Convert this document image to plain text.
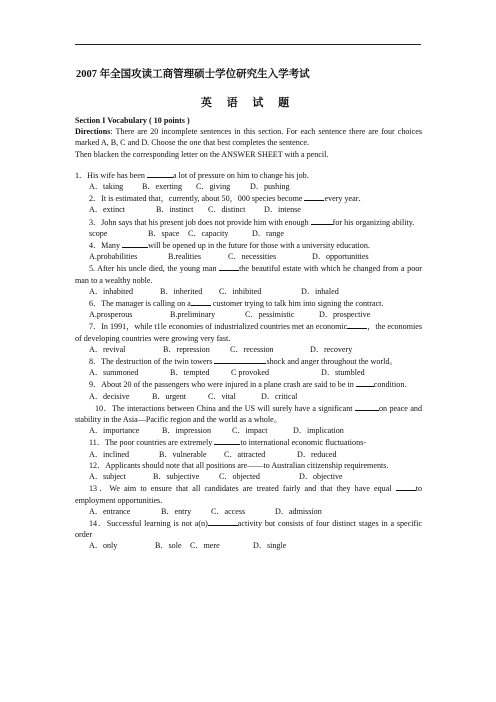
2007 年全国攻读工商管理硕士学位研究生入学考试
英 语 试 题

Section I Vocabulary ( 10 points )

Directions: There are 20 incomplete sentences in this section. For each sentence there are four choices marked A, B, C and D. Choose the one that best completes the sentence.

Then blacken the corresponding letter on the ANSWER SHEET with a pencil.

1．His wife has been	a lot of pressure on him to change his job．

A．taking	B．exerting	C．giving	D．pushing

2．It is estimated that，currently, about 50，000 species become every year．

A．extinct	B．instinct	C．distinct	D．intense

3．John says that his present job does not provide him with enough	for his organizing ability.

scope	B．space	C．capacity	D．range

4．Many	will be opened up in the future for those with a university education.

A.probabilities	B.realities	C．necessities	D．opportunities

5. After his uncle died, the young man the beautiful estate with which he changed from a poor man to a wealthy noble.

A．inhabited	B．inherited	C．inhibited	D．inhaled

6．The manager is calling on a customer trying to talk him into signing the contract.

A.prosperous	B.preliminary	C．pessimistic	D．prospective

7．In 1991，while t1le economies of industrialized countries met an economic ，the economies of developing countries were growing very fast.

A．revival	B．repression	C．recession	D．recovery

8．The destruction of the twin towers	shock and anger throughout the world。

A．summoned	B．tempted	C provoked	D．stumbled

9．About 20 of the passengers who were injured in a plane crash are said to be in condition.

A．decisive	B．urgent	C．vital	D．critical

10．The interactions between China and the US will surely have a significant	on peace and stability in the Asia—Pacific region and the world as a whole。

A．importance	B．impression	C．impact	D．implication

11．The poor countries are extremely	to international economic fluctuations-

A．inclined	B．vulnerable	C．attracted	D．reduced

12．Applicants should note that all positions are——to Australian citizenship requirements.

A．subject	B．subjective	C．objected	D．objective

13．We aim to ensure that all candidates are treated fairly and that they have equal to employment opportunities.

A．entrance	B．entry	C．access	D．admission

14．Successful learning is not a(n)	activity but consists of four distinct stages in a specific order

A．only	B．sole	C．mere	D．single
